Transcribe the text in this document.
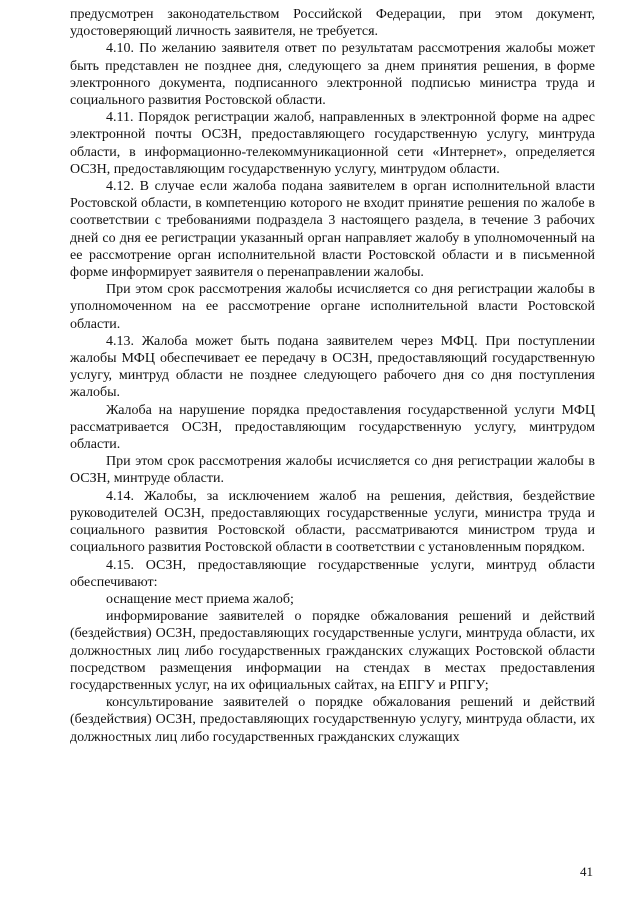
предусмотрен законодательством Российской Федерации, при этом документ, удостоверяющий личность заявителя, не требуется.

4.10. По желанию заявителя ответ по результатам рассмотрения жалобы может быть представлен не позднее дня, следующего за днем принятия решения, в форме электронного документа, подписанного электронной подписью министра труда и социального развития Ростовской области.

4.11. Порядок регистрации жалоб, направленных в электронной форме на адрес электронной почты ОСЗН, предоставляющего государственную услугу, минтруда области, в информационно-телекоммуникационной сети «Интернет», определяется ОСЗН, предоставляющим государственную услугу, минтрудом области.

4.12. В случае если жалоба подана заявителем в орган исполнительной власти Ростовской области, в компетенцию которого не входит принятие решения по жалобе в соответствии с требованиями подраздела 3 настоящего раздела, в течение 3 рабочих дней со дня ее регистрации указанный орган направляет жалобу в уполномоченный на ее рассмотрение орган исполнительной власти Ростовской области и в письменной форме информирует заявителя о перенаправлении жалобы.

При этом срок рассмотрения жалобы исчисляется со дня регистрации жалобы в уполномоченном на ее рассмотрение органе исполнительной власти Ростовской области.

4.13. Жалоба может быть подана заявителем через МФЦ. При поступлении жалобы МФЦ обеспечивает ее передачу в ОСЗН, предоставляющий государственную услугу, минтруд области не позднее следующего рабочего дня со дня поступления жалобы.

Жалоба на нарушение порядка предоставления государственной услуги МФЦ рассматривается ОСЗН, предоставляющим государственную услугу, минтрудом области.

При этом срок рассмотрения жалобы исчисляется со дня регистрации жалобы в ОСЗН, минтруде области.

4.14. Жалобы, за исключением жалоб на решения, действия, бездействие руководителей ОСЗН, предоставляющих государственные услуги, министра труда и социального развития Ростовской области, рассматриваются министром труда и социального развития Ростовской области в соответствии с установленным порядком.

4.15. ОСЗН, предоставляющие государственные услуги, минтруд области обеспечивают:

оснащение мест приема жалоб;

информирование заявителей о порядке обжалования решений и действий (бездействия) ОСЗН, предоставляющих государственные услуги, минтруда области, их должностных лиц либо государственных гражданских служащих Ростовской области посредством размещения информации на стендах в местах предоставления государственных услуг, на их официальных сайтах, на ЕПГУ и РПГУ;

консультирование заявителей о порядке обжалования решений и действий (бездействия) ОСЗН, предоставляющих государственную услугу, минтруда области, их должностных лиц либо государственных гражданских служащих

41
